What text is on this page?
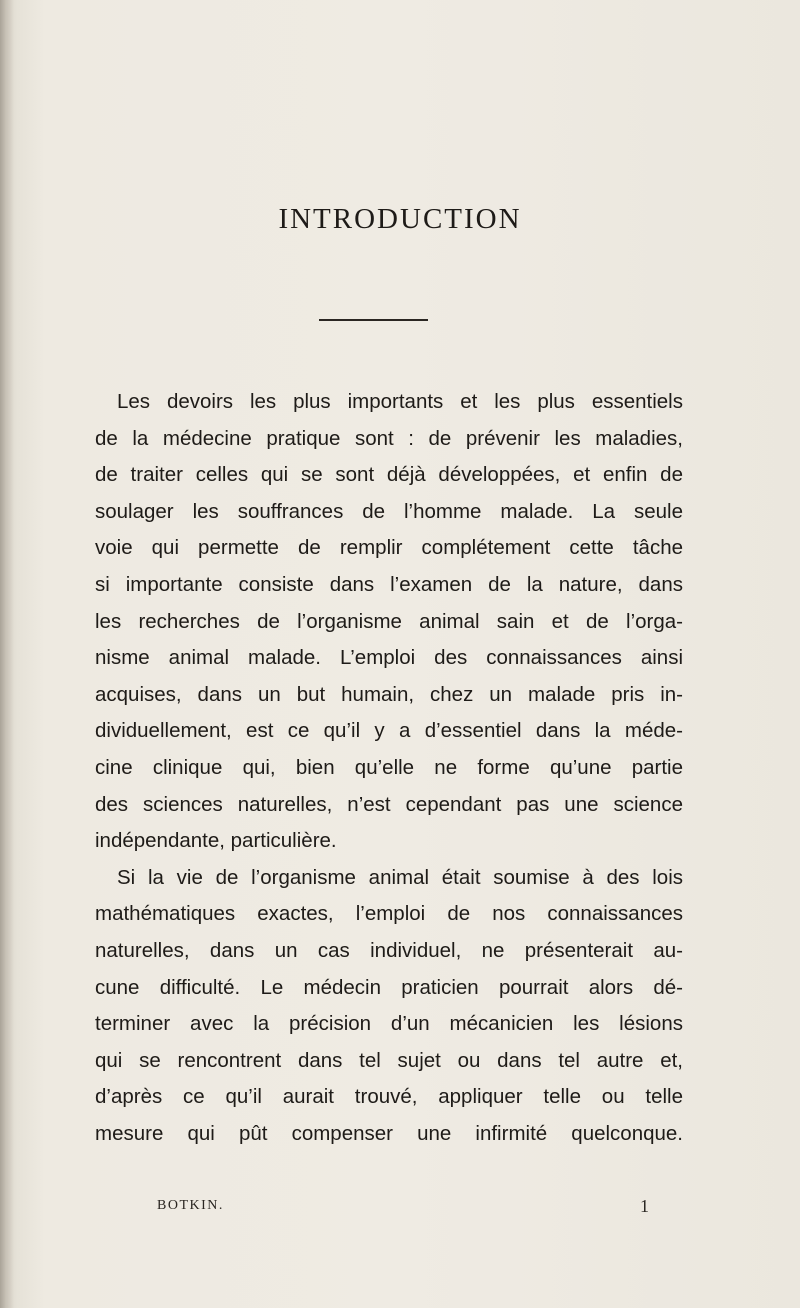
INTRODUCTION
Les devoirs les plus importants et les plus essentiels
de la médecine pratique sont : de prévenir les maladies,
de traiter celles qui se sont déjà développées, et enfin de
soulager les souffrances de l’homme malade. La seule
voie qui permette de remplir complétement cette tâche
si importante consiste dans l’examen de la nature, dans
les recherches de l’organisme animal sain et de l’orga-
nisme animal malade. L’emploi des connaissances ainsi
acquises, dans un but humain, chez un malade pris in-
dividuellement, est ce qu’il y a d’essentiel dans la méde-
cine clinique qui, bien qu’elle ne forme qu’une partie
des sciences naturelles, n’est cependant pas une science
indépendante, particulière.
Si la vie de l’organisme animal était soumise à des lois
mathématiques exactes, l’emploi de nos connaissances
naturelles, dans un cas individuel, ne présenterait au-
cune difficulté. Le médecin praticien pourrait alors dé-
terminer avec la précision d’un mécanicien les lésions
qui se rencontrent dans tel sujet ou dans tel autre et,
d’après ce qu’il aurait trouvé, appliquer telle ou telle
mesure qui pût compenser une infirmité quelconque.
BOTKIN.	1
